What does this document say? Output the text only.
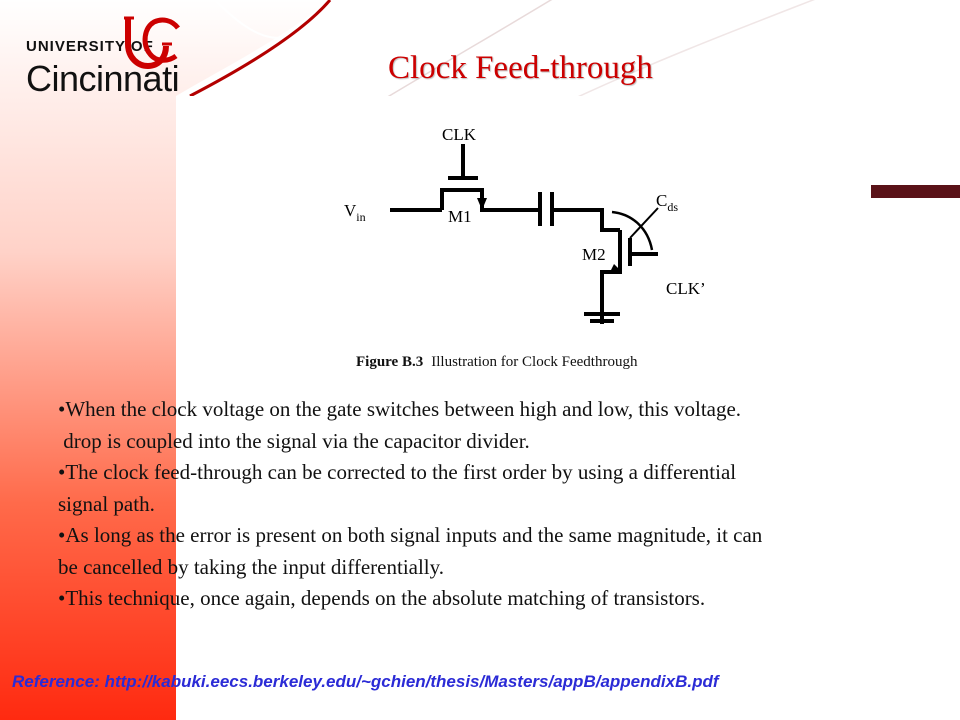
UNIVERSITY OF
Cincinnati	Clock Feed-through
CLK
$V_{in}$	M1
M2
$C_{ds}$
CLK’
Figure B.3 Illustration for Clock Feedthrough

•When the clock voltage on the gate switches between high and low, this voltage.

drop is coupled into the signal via the capacitor divider.

•The clock feed-through can be corrected to the first order by using a differential

signal path.

•As long as the error is present on both signal inputs and the same magnitude, it can

be cancelled by taking the input differentially.

•This technique, once again, depends on the absolute matching of transistors.

Reference: http://kabuki.eecs.berkeley.edu/~gchien/thesis/Masters/appB/appendixB.pdf
